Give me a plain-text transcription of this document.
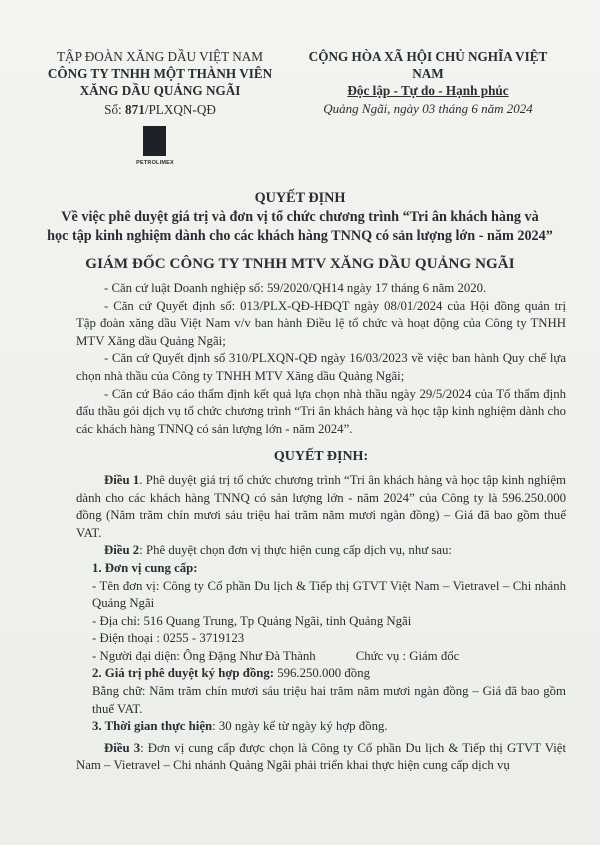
TẬP ĐOÀN XĂNG DẦU VIỆT NAM
CÔNG TY TNHH MỘT THÀNH VIÊN
XĂNG DẦU QUẢNG NGÃI
Số: 871/PLXQN-QĐ
PETROLIMEX
CỘNG HÒA XÃ HỘI CHỦ NGHĨA VIỆT NAM
Độc lập - Tự do - Hạnh phúc
Quảng Ngãi, ngày 03 tháng 6 năm 2024
QUYẾT ĐỊNH
Về việc phê duyệt giá trị và đơn vị tổ chức chương trình “Tri ân khách hàng và
học tập kinh nghiệm dành cho các khách hàng TNNQ có sản lượng lớn - năm 2024”
GIÁM ĐỐC CÔNG TY TNHH MTV XĂNG DẦU QUẢNG NGÃI

- Căn cứ luật Doanh nghiệp số: 59/2020/QH14 ngày 17 tháng 6 năm 2020.

- Căn cứ Quyết định số: 013/PLX-QĐ-HĐQT ngày 08/01/2024 của Hội đồng quản trị Tập đoàn xăng dầu Việt Nam v/v ban hành Điều lệ tổ chức và hoạt động của Công ty TNHH MTV Xăng dầu Quảng Ngãi;

- Căn cứ Quyết định số 310/PLXQN-QĐ ngày 16/03/2023 về việc ban hành Quy chế lựa chọn nhà thầu của Công ty TNHH MTV Xăng dầu Quảng Ngãi;

- Căn cứ Báo cáo thẩm định kết quả lựa chọn nhà thầu ngày 29/5/2024 của Tổ thẩm định đấu thầu gói dịch vụ tổ chức chương trình “Tri ân khách hàng và học tập kinh nghiệm dành cho các khách hàng TNNQ có sản lượng lớn - năm 2024”.

QUYẾT ĐỊNH:

Điều 1. Phê duyệt giá trị tổ chức chương trình “Tri ân khách hàng và học tập kinh nghiệm dành cho các khách hàng TNNQ có sản lượng lớn - năm 2024” của Công ty là 596.250.000 đồng (Năm trăm chín mươi sáu triệu hai trăm năm mươi ngàn đồng) – Giá đã bao gồm thuế VAT.

Điều 2: Phê duyệt chọn đơn vị thực hiện cung cấp dịch vụ, như sau:

1. Đơn vị cung cấp:

- Tên đơn vị: Công ty Cổ phần Du lịch & Tiếp thị GTVT Việt Nam – Vietravel – Chi nhánh Quảng Ngãi

- Địa chỉ: 516 Quang Trung, Tp Quảng Ngãi, tỉnh Quảng Ngãi

- Điện thoại : 0255 - 3719123

- Người đại diện: Ông Đặng Như Đà Thành	Chức vụ : Giám đốc

2. Giá trị phê duyệt ký hợp đồng: 596.250.000 đồng

Bằng chữ: Năm trăm chín mươi sáu triệu hai trăm năm mươi ngàn đồng – Giá đã bao gồm thuế VAT.

3. Thời gian thực hiện: 30 ngày kể từ ngày ký hợp đồng.

Điều 3: Đơn vị cung cấp được chọn là Công ty Cổ phần Du lịch & Tiếp thị GTVT Việt Nam – Vietravel – Chi nhánh Quảng Ngãi phải triển khai thực hiện cung cấp dịch vụ
